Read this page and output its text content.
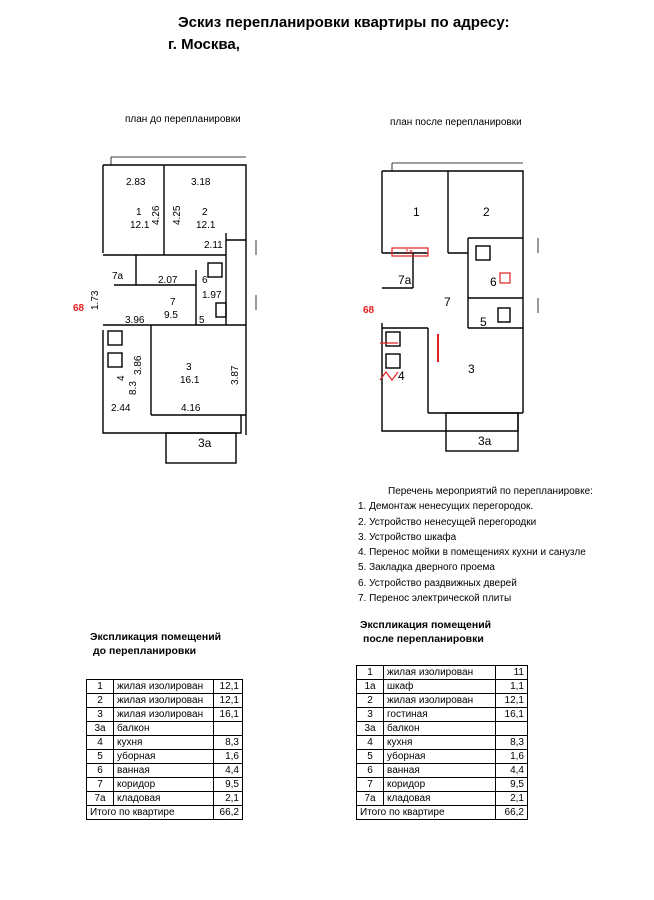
Эскиз перепланировки квартиры по адресу:
г. Москва,
план до перепланировки	план после перепланировки
68
2.83	3.18
1
12.1
4.26 4.25 2
12.1
2.11
7а	2.07 6
1.73	7
9.5
1.97
5
3.96
3.86
4
8.3
3
16.1	3.87
2.44	4.16
3а
68
1	2
1а
7а	6
7
5
4	3
3а
Перечень мероприятий по перепланировке:
1. Демонтаж ненесущих перегородок.
2. Устройство ненесущей перегородки
3. Устройство шкафа
4. Перенос мойки в помещениях кухни и санузле
5. Закладка дверного проема
6. Устройство раздвижных дверей
7. Перенос электрической плиты
Экспликация помещений
до перепланировки
1	жилая изолирован	12,1
2	жилая изолирован	12,1
3	жилая изолирован	16,1
3а	балкон	
4	кухня	8,3
5	уборная	1,6
6	ванная	4,4
7	коридор	9,5
7а	кладовая	2,1
Итого по квартире		66,2
Экспликация помещений
после перепланировки
1	жилая изолирован	11
1а	шкаф	1,1
2	жилая изолирован	12,1
3	гостиная	16,1
3а	балкон	
4	кухня	8,3
5	уборная	1,6
6	ванная	4,4
7	коридор	9,5
7а	кладовая	2,1
Итого по квартире		66,2
